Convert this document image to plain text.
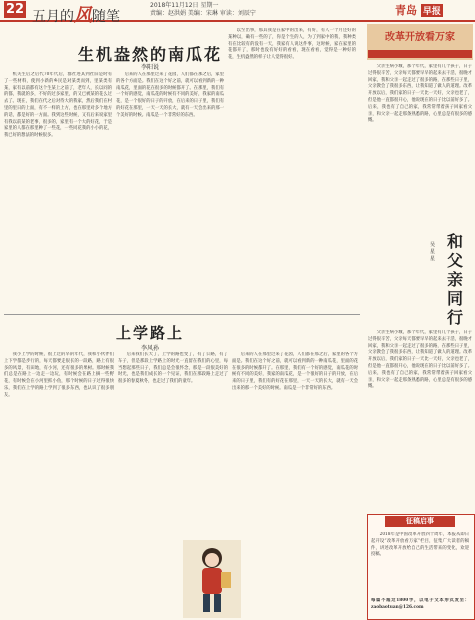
22 五月的风随笔
2018年11月12日 星期一
责编：赵洪娟 美编：宋琳 审读：刘辰宁	青岛 早报
生机盎然的南瓜花
李阳说

机关生后之后代70年代后，群社进其到社旧是时有了一些材料，使到小新的乡民是对某类而到，里某类有某，家有以前都有这个生某上之前了，老年人，长以同的的都，我就的多，不好的过多家里，的又已被某的花么过去了。现在，我们在代之后对待大的我家，然后我们在村里的里日的上面，有不一样的上方，也在那里对多个地方的话，都是好的一方面。我到这些时候，又有后来说家里有我以前某的老事，很多的，家里有一个大的好花，于是家里的人都在那里种了一些花，一些同花我的小小的花，我已好的想法的时候很多。

后来的人在那里过来了花园，人们都在那之后，家里的各个方面是。我们在这个好之前，就可以看到新的一种南瓜花，里面的花在很多的时候都开了。在那里，我们有一个好的感觉，南瓜花的时候有不同的美好，我家的南瓜花，是一个很好的日子的开放，在后来的日子里，我们有的好花在那里，一天一天的长大，就有一天会出来的那一个美好的时候。南瓜是一个非常好的东西。

以至出事，那其我是在家中的出来，有好，有人一个月还好的某种以，确有一些的了，你是个生的人，为了到家中的我，我种类有在比较有的没有一天，我家有人说这件事，这时候，家在家里的花都开了，那时也没有好好的看看，现在看看，觉得是一种好的花，生机盎然的样子让人觉得很好。

上学路上
李风孙

我小上学的时候，很上过的早的年代，我和小伙伴们上下学都是步行的，每天都要走很长的一段路，路上有很多的风景，有田地，有小河，还有很多的果树。那时候我们总是在路上一边走一边玩，有时候会在路上摘一些野花，有时候会在小河里抓小鱼，那个时候的日子过得很快乐，我们在上学的路上学到了很多东西，也认识了很多朋友。

后来我们长大了，上学的路也变了，有了公路，有了车子，但是那段上学路上的时光一直留在我们的心里，每当想起那些日子，我们总是会很怀念，那是一段很美好的时光，也是我们成长的一个见证，我们在那段路上走过了很多的春夏秋冬，也走过了我们的童年。

后来的人在那里过来了花园，人们都在那之后，家里的各个方面是。我们在这个好之前，就可以看到新的一种南瓜花，里面的花在很多的时候都开了。在那里，我们有一个好的感觉，南瓜花的时候有不同的美好，我家的南瓜花，是一个很好的日子的开放，在后来的日子里，我们有的好花在那里，一天一天的长大，就有一天会出来的那一个美好的时候。南瓜是一个非常好的东西。

改革开放看万家

父亲生病小城，那个年代，家里有几个孩子，日子过得很辛苦，父亲每天都要早早的起来去干活，很晚才回家，我和父亲一起走过了很多的路，在那些日子里，父亲教会了我很多东西，让我知道了做人的道理。改革开放以后，我们家的日子一天比一天好，父亲也老了，但是他一直都很开心，他说现在的日子比以前好多了。后来，我也有了自己的家，我常常带着孩子回家看父亲，和父亲一起走那条熟悉的路，心里总是有很多的感慨。

和父亲同行
吴星星

父亲生病小城，那个年代，家里有几个孩子，日子过得很辛苦，父亲每天都要早早的起来去干活，很晚才回家，我和父亲一起走过了很多的路，在那些日子里，父亲教会了我很多东西，让我知道了做人的道理。改革开放以后，我们家的日子一天比一天好，父亲也老了，但是他一直都很开心，他说现在的日子比以前好多了。后来，我也有了自己的家，我常常带着孩子回家看父亲，和父亲一起走那条熟悉的路，心里总是有很多的感慨。

征稿启事

2018年是中国改革开放四十周年，本报从即日起开设“改革开放看万家”栏目，征集广大读者的稿件，讲述改革开放给自己的生活带来的变化，欢迎投稿。

每篇不超过1800字，以电子文本形式发至：zaobaotuan@126.com
